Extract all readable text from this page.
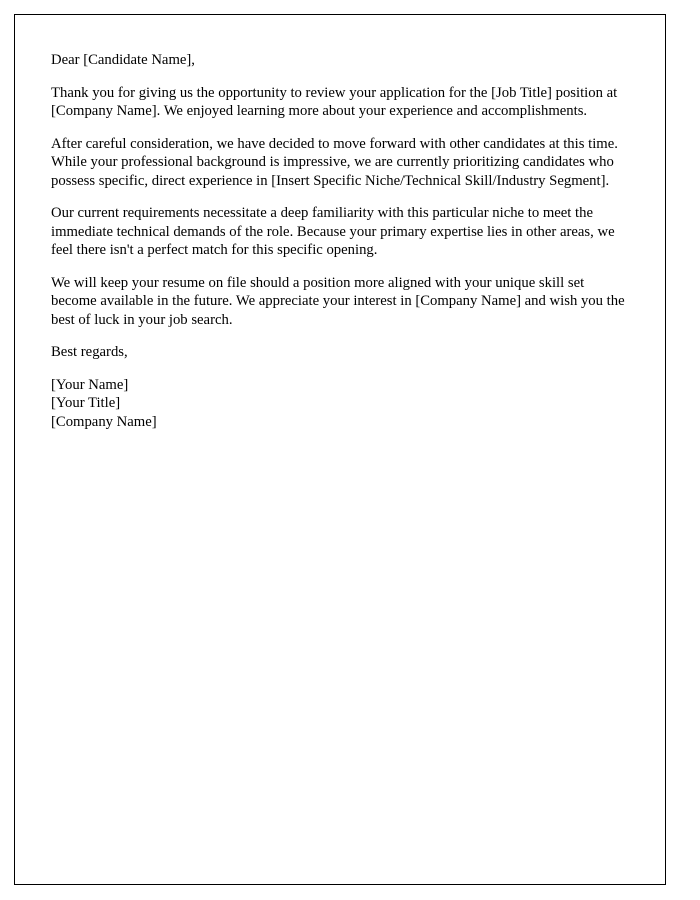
Dear [Candidate Name],

Thank you for giving us the opportunity to review your application for the [Job Title] position at [Company Name]. We enjoyed learning more about your experience and accomplishments.

After careful consideration, we have decided to move forward with other candidates at this time. While your professional background is impressive, we are currently prioritizing candidates who possess specific, direct experience in [Insert Specific Niche/Technical Skill/Industry Segment].

Our current requirements necessitate a deep familiarity with this particular niche to meet the immediate technical demands of the role. Because your primary expertise lies in other areas, we feel there isn't a perfect match for this specific opening.

We will keep your resume on file should a position more aligned with your unique skill set become available in the future. We appreciate your interest in [Company Name] and wish you the best of luck in your job search.

Best regards,

[Your Name]

[Your Title]

[Company Name]
